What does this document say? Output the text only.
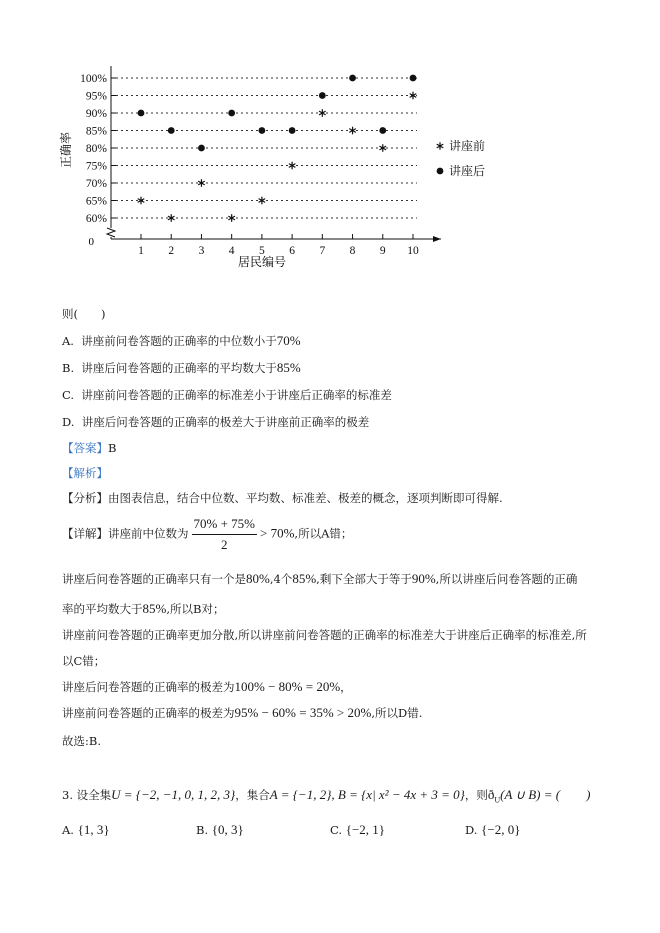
100%
95%
90%
85%
80%
75%
70%
65%
60%
1 2 3 4 5 6 7 8 9 10
讲座前
讲座后
居民编号
正确率
0
则(　　)
A. 讲座前问卷答题的正确率的中位数小于70%
B. 讲座后问卷答题的正确率的平均数大于85%
C. 讲座前问卷答题的正确率的标准差小于讲座后正确率的标准差
D. 讲座后问卷答题的正确率的极差大于讲座前正确率的极差
【答案】B
【解析】
【分析】由图表信息，结合中位数、平均数、标准差、极差的概念，逐项判断即可得解.
【详解】讲座前中位数为 $\frac{70\% + 75\%}{2} > 70\%$,所以A错；
讲座后问卷答题的正确率只有一个是80%,4个85%,剩下全部大于等于90%,所以讲座后问卷答题的正确
率的平均数大于85%,所以B对；
讲座前问卷答题的正确率更加分散,所以讲座前问卷答题的正确率的标准差大于讲座后正确率的标准差,所
以C错；
讲座后问卷答题的正确率的极差为100% − 80% = 20%，
讲座前问卷答题的正确率的极差为95% − 60% = 35% > 20%,所以D错.
故选:B.
3. 设全集U = {−2, −1, 0, 1, 2, 3}，集合A = {−1, 2}, B = {x| x² − 4x + 3 = 0}，则$ð_U(A$ ∪ B) = (　　)
A. {1, 3}	B. {0, 3}	C. {−2, 1}	D. {−2, 0}
